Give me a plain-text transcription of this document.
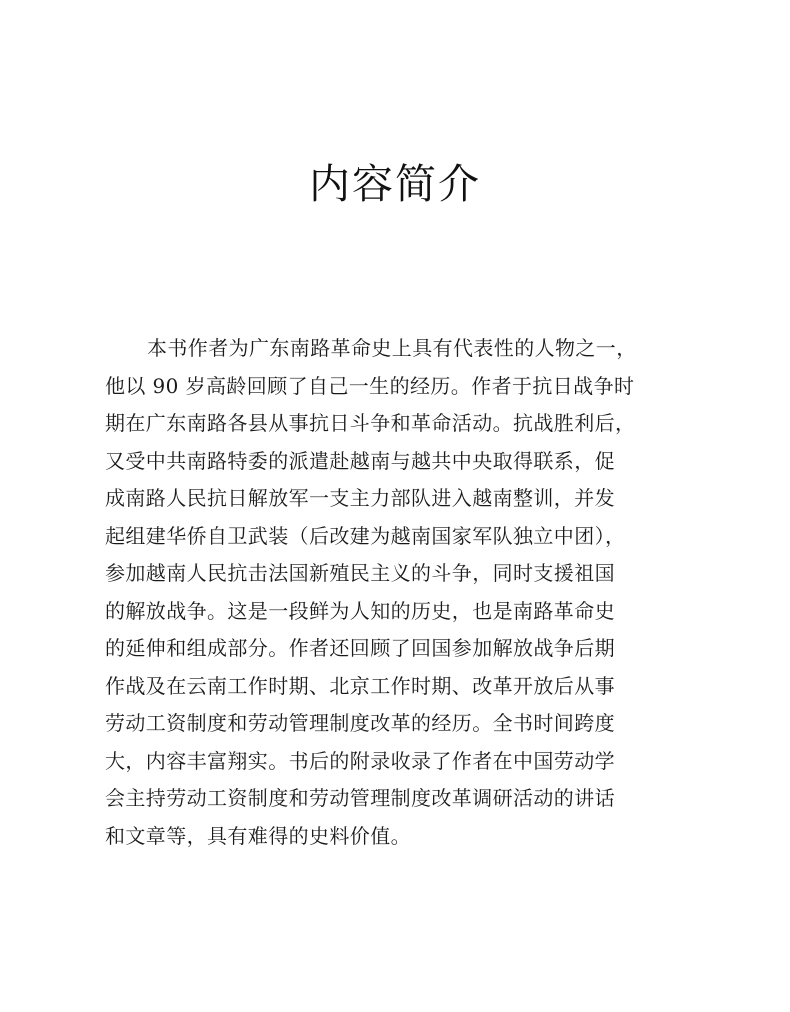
内容简介
本书作者为广东南路革命史上具有代表性的人物之一，
他以 90 岁高龄回顾了自己一生的经历。作者于抗日战争时
期在广东南路各县从事抗日斗争和革命活动。抗战胜利后，
又受中共南路特委的派遣赴越南与越共中央取得联系，促
成南路人民抗日解放军一支主力部队进入越南整训，并发
起组建华侨自卫武装（后改建为越南国家军队独立中团），
参加越南人民抗击法国新殖民主义的斗争，同时支援祖国
的解放战争。这是一段鲜为人知的历史，也是南路革命史
的延伸和组成部分。作者还回顾了回国参加解放战争后期
作战及在云南工作时期、北京工作时期、改革开放后从事
劳动工资制度和劳动管理制度改革的经历。全书时间跨度
大，内容丰富翔实。书后的附录收录了作者在中国劳动学
会主持劳动工资制度和劳动管理制度改革调研活动的讲话
和文章等，具有难得的史料价值。
